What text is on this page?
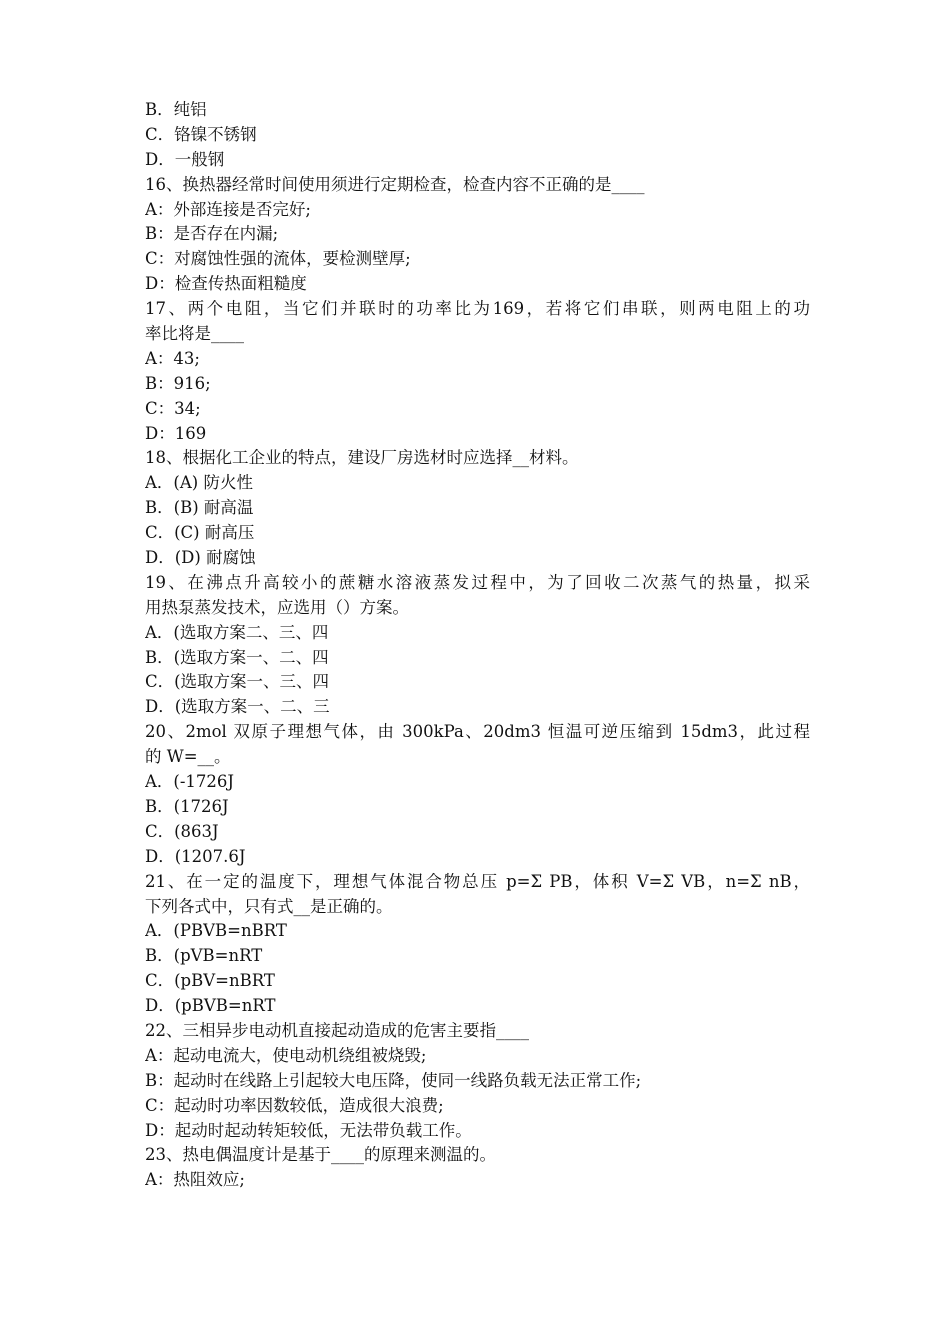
B．纯铝
C．铬镍不锈钢
D．一般钢
16、换热器经常时间使用须进行定期检查，检查内容不正确的是____
A：外部连接是否完好;
B：是否存在内漏;
C：对腐蚀性强的流体，要检测壁厚;
D：检查传热面粗糙度
17、两个电阻，当它们并联时的功率比为169，若将它们串联，则两电阻上的功
率比将是____
A：43;
B：916;
C：34;
D：169
18、根据化工企业的特点，建设厂房选材时应选择__材料。
A．(A) 防火性
B．(B) 耐高温
C．(C) 耐高压
D．(D) 耐腐蚀
19、在沸点升高较小的蔗糖水溶液蒸发过程中，为了回收二次蒸气的热量，拟采
用热泵蒸发技术，应选用（）方案。
A．(选取方案二、三、四
B．(选取方案一、二、四
C．(选取方案一、三、四
D．(选取方案一、二、三
20、2mol 双原子理想气体，由 300kPa、20dm3 恒温可逆压缩到 15dm3，此过程
的 W=__。
A．(-1726J
B．(1726J
C．(863J
D．(1207.6J
21、在一定的温度下，理想气体混合物总压 p=Σ PB，体积 V=Σ VB，n=Σ nB，
下列各式中，只有式__是正确的。
A．(PBVB=nBRT
B．(pVB=nRT
C．(pBV=nBRT
D．(pBVB=nRT
22、三相异步电动机直接起动造成的危害主要指____
A：起动电流大，使电动机绕组被烧毁;
B：起动时在线路上引起较大电压降，使同一线路负载无法正常工作;
C：起动时功率因数较低，造成很大浪费;
D：起动时起动转矩较低，无法带负载工作。
23、热电偶温度计是基于____的原理来测温的。
A：热阻效应;
